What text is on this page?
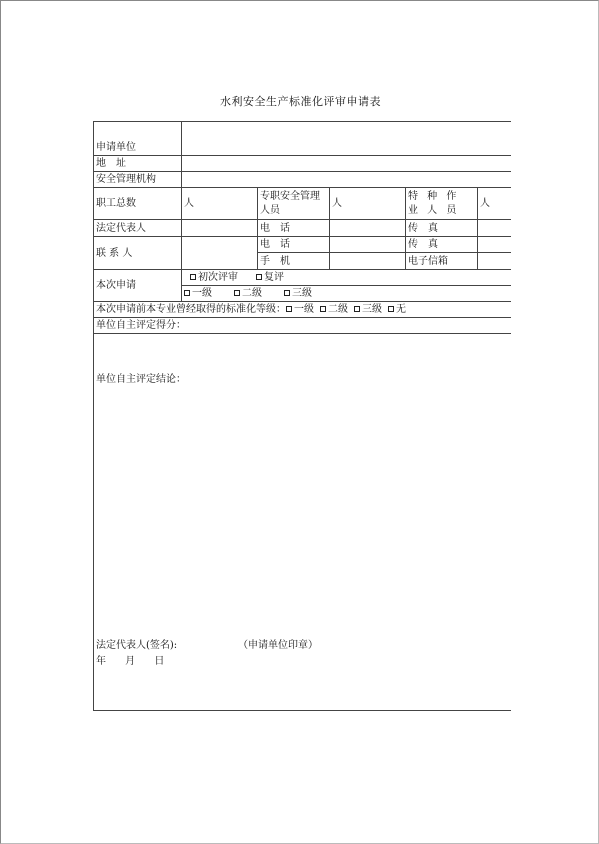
水利安全生产标准化评审申请表
申请单位					
地　址					
安全管理机构					
职工总数	人	专职安全管理人员	人	特 种 作 业 人 员	人
法定代表人		电　话		传　真	
联 系 人		电　话		传　真	
		手　机		电子信箱	
本次申请	初次评审 复评				
	一级 二级 三级				
本次申请前本专业曾经取得的标准化等级： 一级 二级 三级 无					
单位自主评定得分：					

单位自主评定结论：
法定代表人(签名): （申请单位印章）
年　 月　 日					
